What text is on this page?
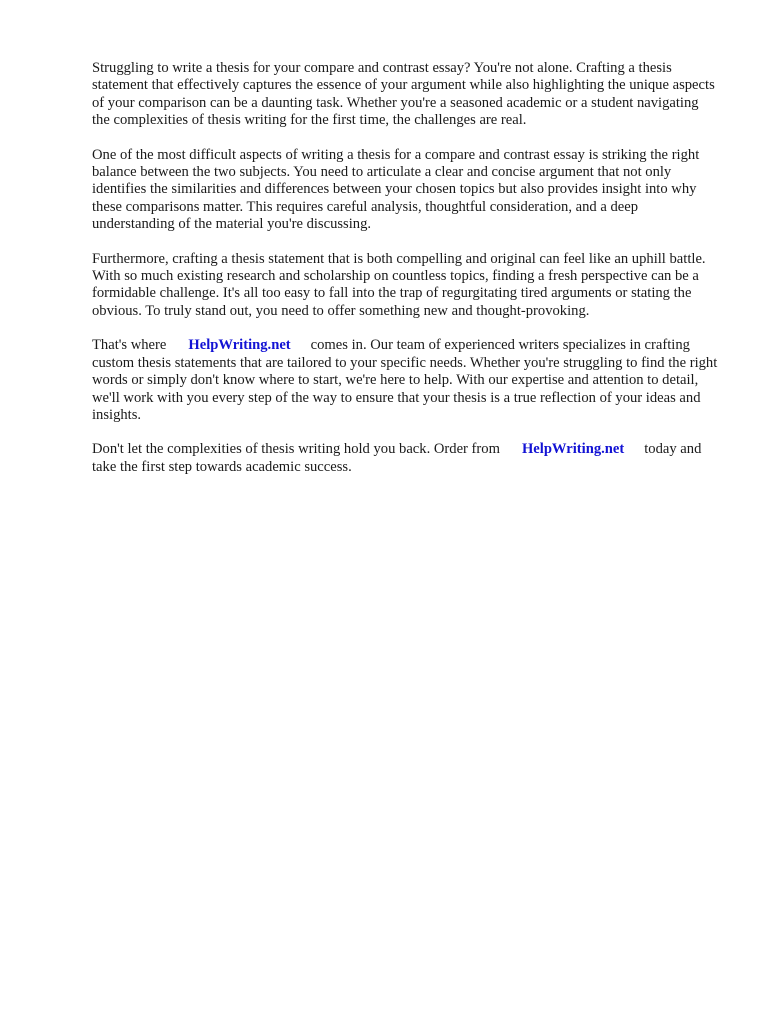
Struggling to write a thesis for your compare and contrast essay? You're not alone. Crafting a thesis statement that effectively captures the essence of your argument while also highlighting the unique aspects of your comparison can be a daunting task. Whether you're a seasoned academic or a student navigating the complexities of thesis writing for the first time, the challenges are real.

One of the most difficult aspects of writing a thesis for a compare and contrast essay is striking the right balance between the two subjects. You need to articulate a clear and concise argument that not only identifies the similarities and differences between your chosen topics but also provides insight into why these comparisons matter. This requires careful analysis, thoughtful consideration, and a deep understanding of the material you're discussing.

Furthermore, crafting a thesis statement that is both compelling and original can feel like an uphill battle. With so much existing research and scholarship on countless topics, finding a fresh perspective can be a formidable challenge. It's all too easy to fall into the trap of regurgitating tired arguments or stating the obvious. To truly stand out, you need to offer something new and thought-provoking.

That's where HelpWriting.net comes in. Our team of experienced writers specializes in crafting custom thesis statements that are tailored to your specific needs. Whether you're struggling to find the right words or simply don't know where to start, we're here to help. With our expertise and attention to detail, we'll work with you every step of the way to ensure that your thesis is a true reflection of your ideas and insights.

Don't let the complexities of thesis writing hold you back. Order from HelpWriting.net today and take the first step towards academic success.
